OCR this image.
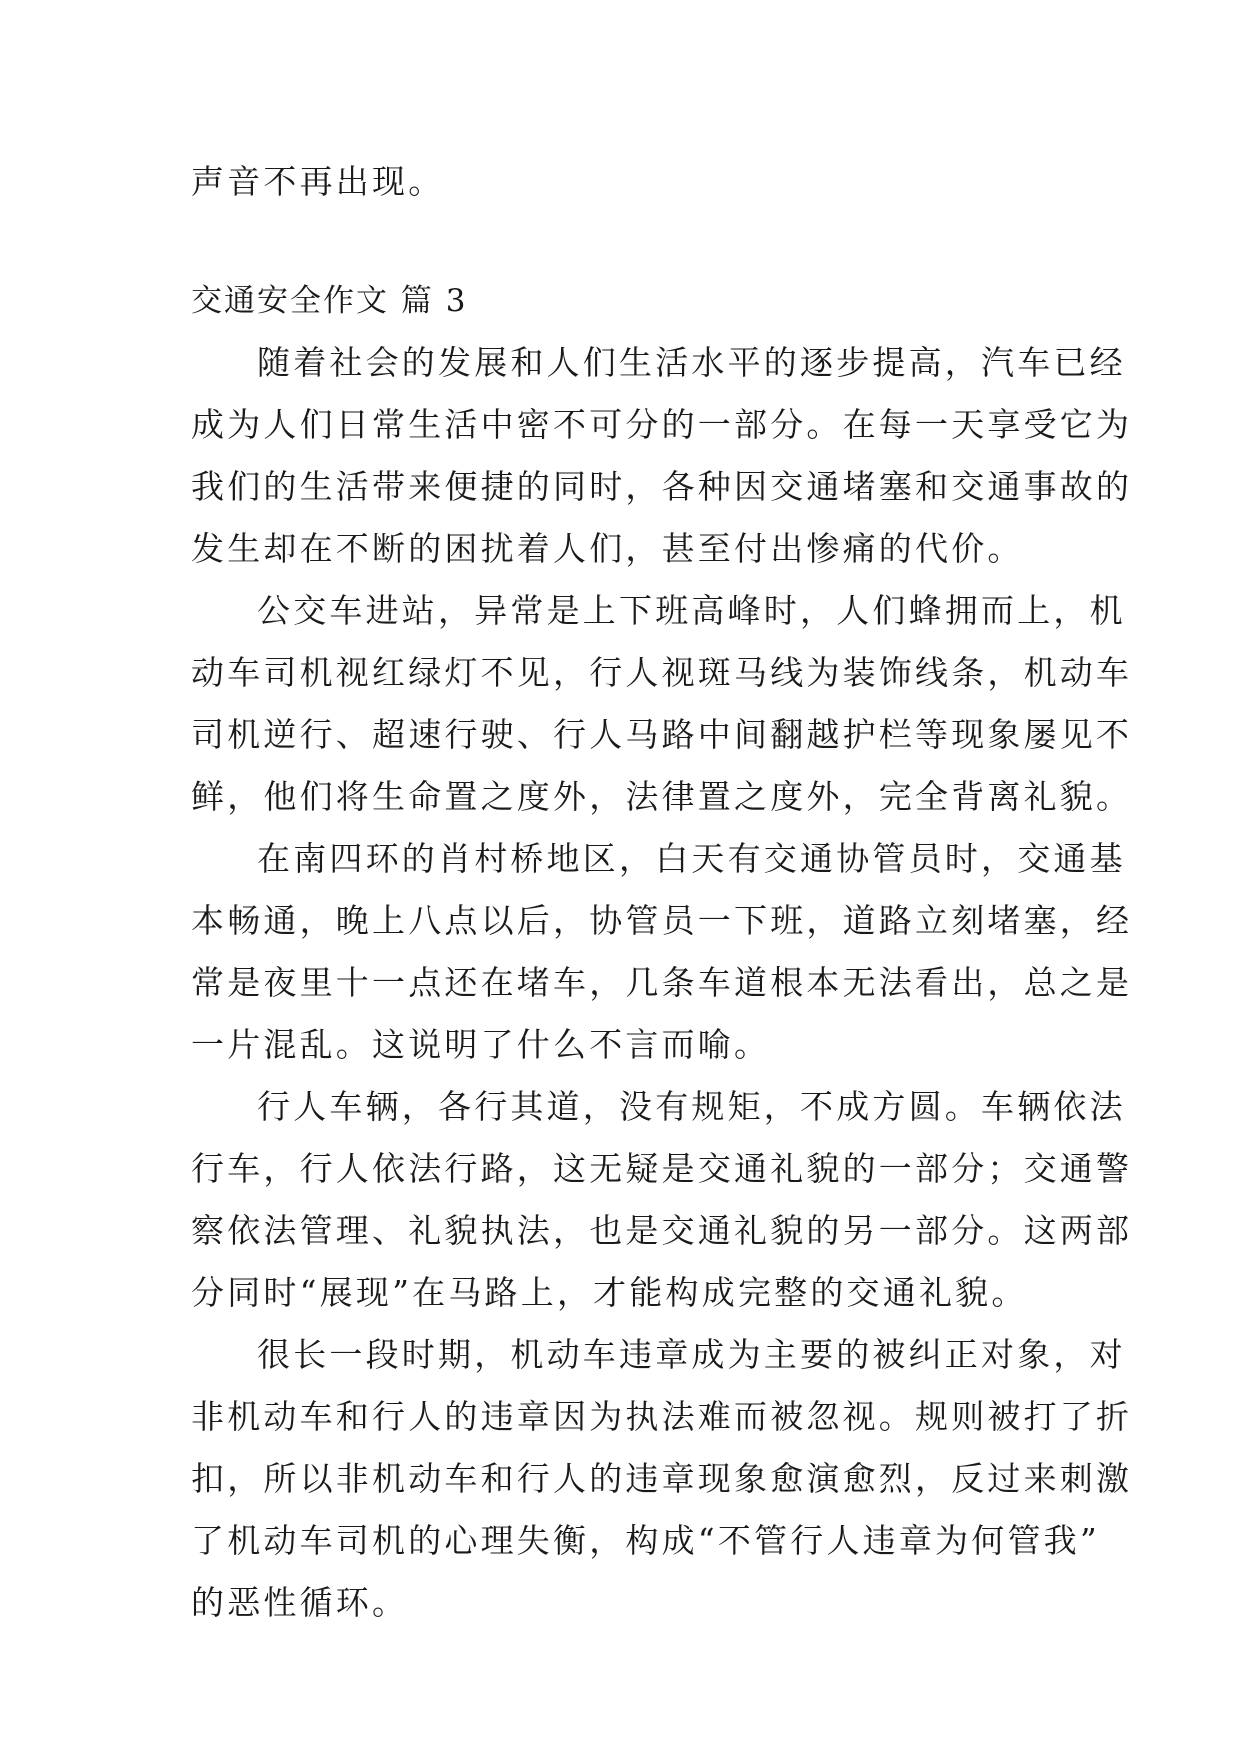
声音不再出现。
交通安全作文 篇 3
随着社会的发展和人们生活水平的逐步提高，汽车已经
成为人们日常生活中密不可分的一部分。在每一天享受它为
我们的生活带来便捷的同时，各种因交通堵塞和交通事故的
发生却在不断的困扰着人们，甚至付出惨痛的代价。
公交车进站，异常是上下班高峰时，人们蜂拥而上，机
动车司机视红绿灯不见，行人视斑马线为装饰线条，机动车
司机逆行、超速行驶、行人马路中间翻越护栏等现象屡见不
鲜，他们将生命置之度外，法律置之度外，完全背离礼貌。
在南四环的肖村桥地区，白天有交通协管员时，交通基
本畅通，晚上八点以后，协管员一下班，道路立刻堵塞，经
常是夜里十一点还在堵车，几条车道根本无法看出，总之是
一片混乱。这说明了什么不言而喻。
行人车辆，各行其道，没有规矩，不成方圆。车辆依法
行车，行人依法行路，这无疑是交通礼貌的一部分；交通警
察依法管理、礼貌执法，也是交通礼貌的另一部分。这两部
分同时“展现”在马路上，才能构成完整的交通礼貌。
很长一段时期，机动车违章成为主要的被纠正对象，对
非机动车和行人的违章因为执法难而被忽视。规则被打了折
扣，所以非机动车和行人的违章现象愈演愈烈，反过来刺激
了机动车司机的心理失衡，构成“不管行人违章为何管我”
的恶性循环。
